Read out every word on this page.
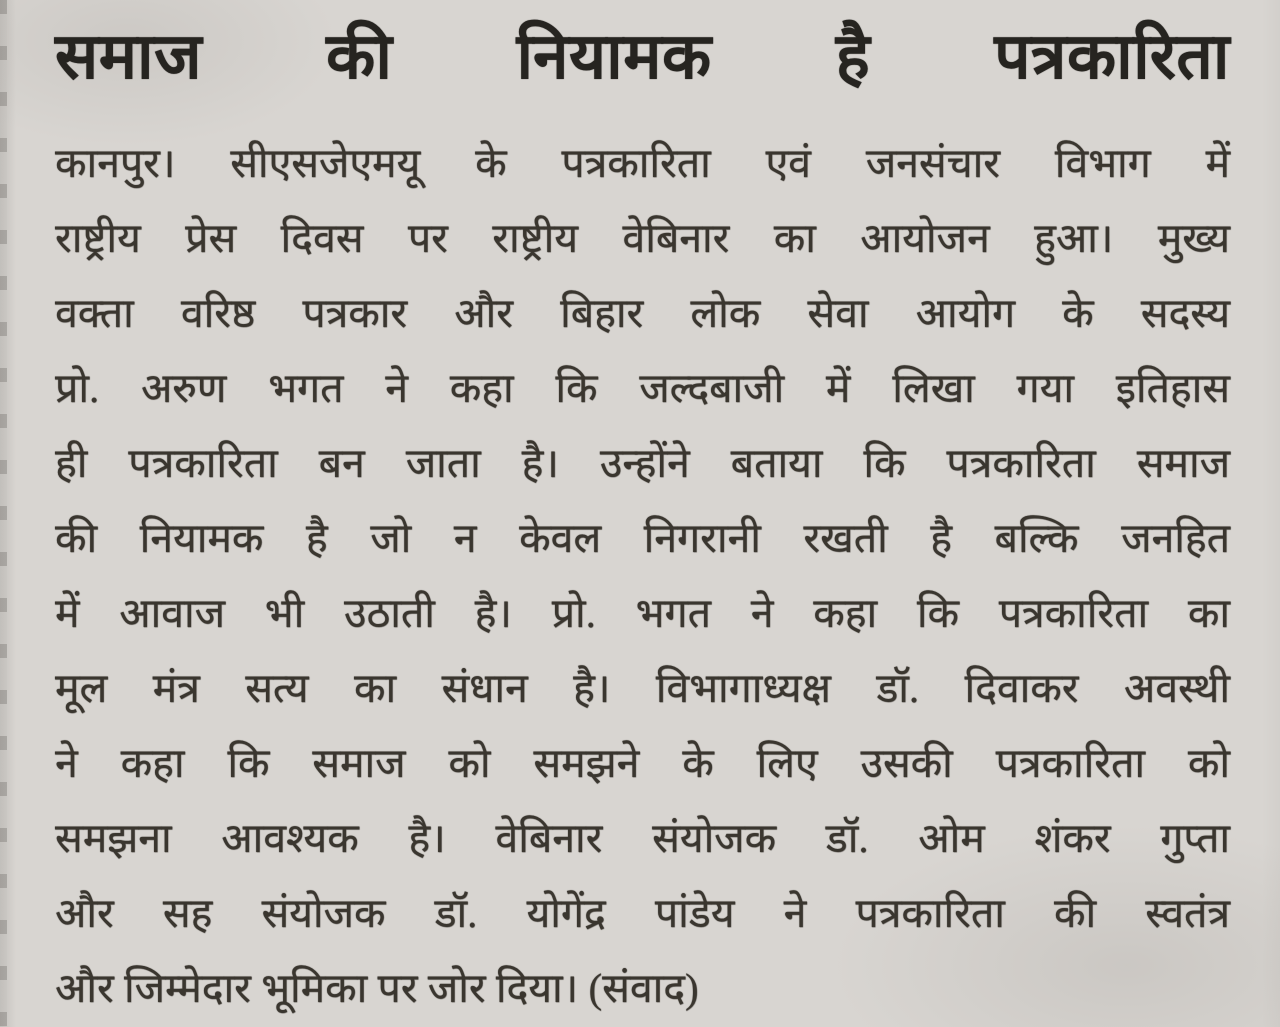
समाज की नियामक है पत्रकारिता
कानपुर। सीएसजेएमयू के पत्रकारिता एवं जनसंचार विभाग में
राष्ट्रीय प्रेस दिवस पर राष्ट्रीय वेबिनार का आयोजन हुआ। मुख्य
वक्ता वरिष्ठ पत्रकार और बिहार लोक सेवा आयोग के सदस्य
प्रो. अरुण भगत ने कहा कि जल्दबाजी में लिखा गया इतिहास
ही पत्रकारिता बन जाता है। उन्होंने बताया कि पत्रकारिता समाज
की नियामक है जो न केवल निगरानी रखती है बल्कि जनहित
में आवाज भी उठाती है। प्रो. भगत ने कहा कि पत्रकारिता का
मूल मंत्र सत्य का संधान है। विभागाध्यक्ष डॉ. दिवाकर अवस्थी
ने कहा कि समाज को समझने के लिए उसकी पत्रकारिता को
समझना आवश्यक है। वेबिनार संयोजक डॉ. ओम शंकर गुप्ता
और सह संयोजक डॉ. योगेंद्र पांडेय ने पत्रकारिता की स्वतंत्र
और जिम्मेदार भूमिका पर जोर दिया। (संवाद)
